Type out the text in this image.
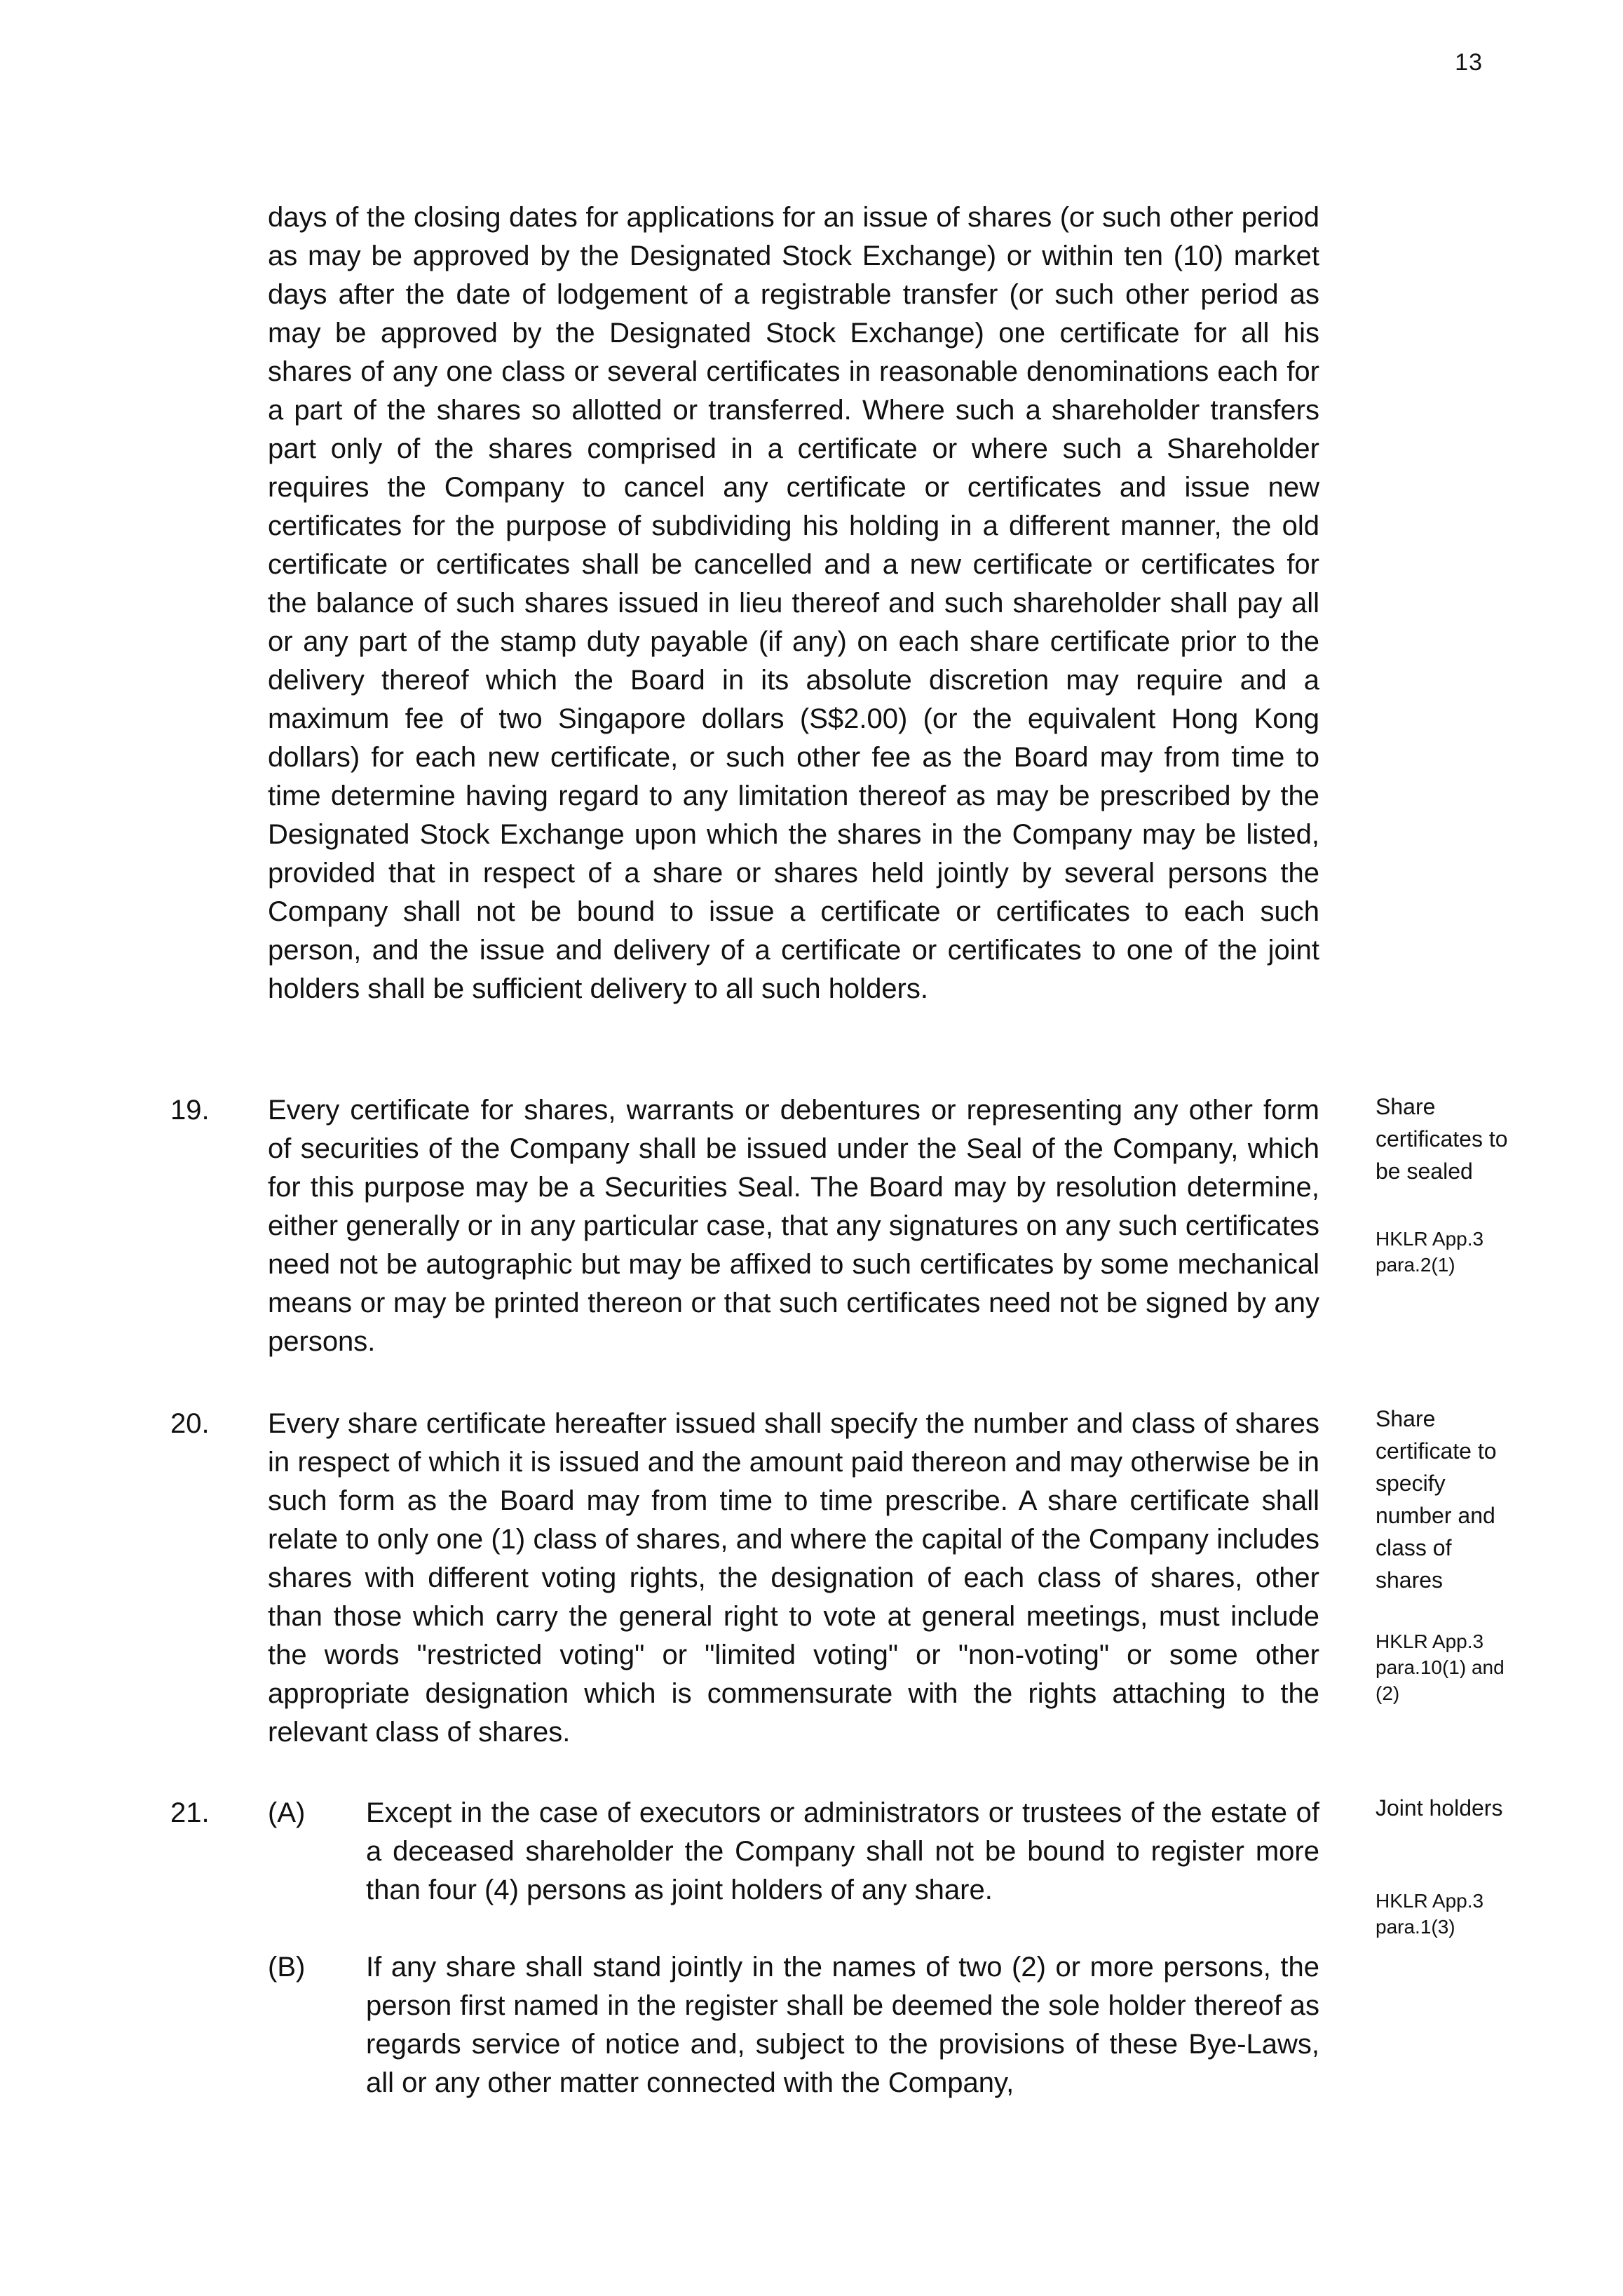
13
days of the closing dates for applications for an issue of shares (or such other period as may be approved by the Designated Stock Exchange) or within ten (10) market days after the date of lodgement of a registrable transfer (or such other period as may be approved by the Designated Stock Exchange) one certificate for all his shares of any one class or several certificates in reasonable denominations each for a part of the shares so allotted or transferred. Where such a shareholder transfers part only of the shares comprised in a certificate or where such a Shareholder requires the Company to cancel any certificate or certificates and issue new certificates for the purpose of subdividing his holding in a different manner, the old certificate or certificates shall be cancelled and a new certificate or certificates for the balance of such shares issued in lieu thereof and such shareholder shall pay all or any part of the stamp duty payable (if any) on each share certificate prior to the delivery thereof which the Board in its absolute discretion may require and a maximum fee of two Singapore dollars (S$2.00) (or the equivalent Hong Kong dollars) for each new certificate, or such other fee as the Board may from time to time determine having regard to any limitation thereof as may be prescribed by the Designated Stock Exchange upon which the shares in the Company may be listed, provided that in respect of a share or shares held jointly by several persons the Company shall not be bound to issue a certificate or certificates to each such person, and the issue and delivery of a certificate or certificates to one of the joint holders shall be sufficient delivery to all such holders.
19. Every certificate for shares, warrants or debentures or representing any other form of securities of the Company shall be issued under the Seal of the Company, which for this purpose may be a Securities Seal. The Board may by resolution determine, either generally or in any particular case, that any signatures on any such certificates need not be autographic but may be affixed to such certificates by some mechanical means or may be printed thereon or that such certificates need not be signed by any persons.
Share certificates to be sealed
HKLR App.3 para.2(1)
20. Every share certificate hereafter issued shall specify the number and class of shares in respect of which it is issued and the amount paid thereon and may otherwise be in such form as the Board may from time to time prescribe. A share certificate shall relate to only one (1) class of shares, and where the capital of the Company includes shares with different voting rights, the designation of each class of shares, other than those which carry the general right to vote at general meetings, must include the words "restricted voting" or "limited voting" or "non-voting" or some other appropriate designation which is commensurate with the rights attaching to the relevant class of shares.
Share certificate to specify number and class of shares
HKLR App.3 para.10(1) and (2)
21. (A) Except in the case of executors or administrators or trustees of the estate of a deceased shareholder the Company shall not be bound to register more than four (4) persons as joint holders of any share.
(B) If any share shall stand jointly in the names of two (2) or more persons, the person first named in the register shall be deemed the sole holder thereof as regards service of notice and, subject to the provisions of these Bye-Laws, all or any other matter connected with the Company,
Joint holders
HKLR App.3 para.1(3)
